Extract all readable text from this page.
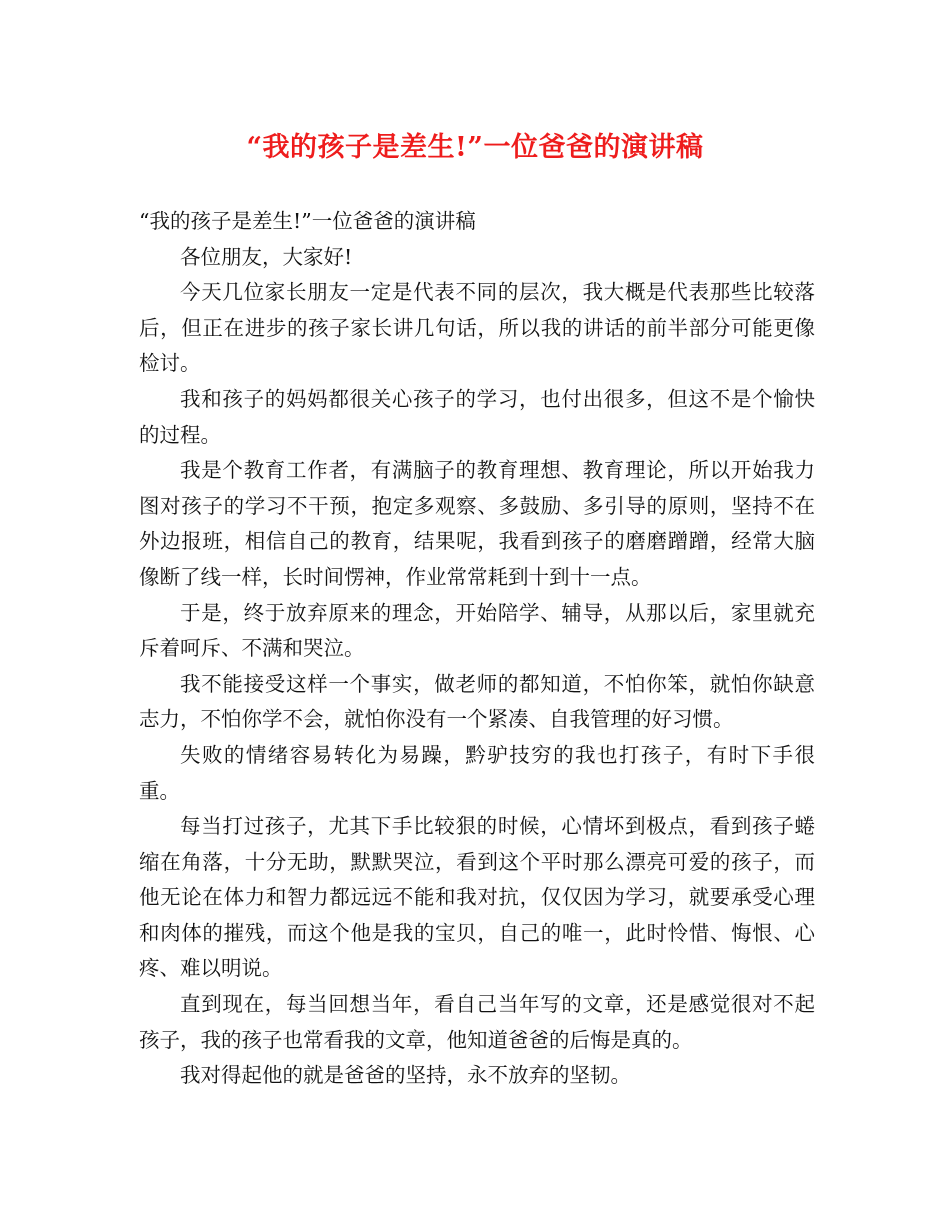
“我的孩子是差生!”一位爸爸的演讲稿

“我的孩子是差生!”一位爸爸的演讲稿

各位朋友，大家好!

今天几位家长朋友一定是代表不同的层次，我大概是代表那些比较落后，但正在进步的孩子家长讲几句话，所以我的讲话的前半部分可能更像检讨。

我和孩子的妈妈都很关心孩子的学习，也付出很多，但这不是个愉快的过程。

我是个教育工作者，有满脑子的教育理想、教育理论，所以开始我力图对孩子的学习不干预，抱定多观察、多鼓励、多引导的原则，坚持不在外边报班，相信自己的教育，结果呢，我看到孩子的磨磨蹭蹭，经常大脑像断了线一样，长时间愣神，作业常常耗到十到十一点。

于是，终于放弃原来的理念，开始陪学、辅导，从那以后，家里就充斥着呵斥、不满和哭泣。

我不能接受这样一个事实，做老师的都知道，不怕你笨，就怕你缺意志力，不怕你学不会，就怕你没有一个紧凑、自我管理的好习惯。

失败的情绪容易转化为易躁，黔驴技穷的我也打孩子，有时下手很重。

每当打过孩子，尤其下手比较狠的时候，心情坏到极点，看到孩子蜷缩在角落，十分无助，默默哭泣，看到这个平时那么漂亮可爱的孩子，而他无论在体力和智力都远远不能和我对抗，仅仅因为学习，就要承受心理和肉体的摧残，而这个他是我的宝贝，自己的唯一，此时怜惜、悔恨、心疼、难以明说。

直到现在，每当回想当年，看自己当年写的文章，还是感觉很对不起孩子，我的孩子也常看我的文章，他知道爸爸的后悔是真的。

我对得起他的就是爸爸的坚持，永不放弃的坚韧。
